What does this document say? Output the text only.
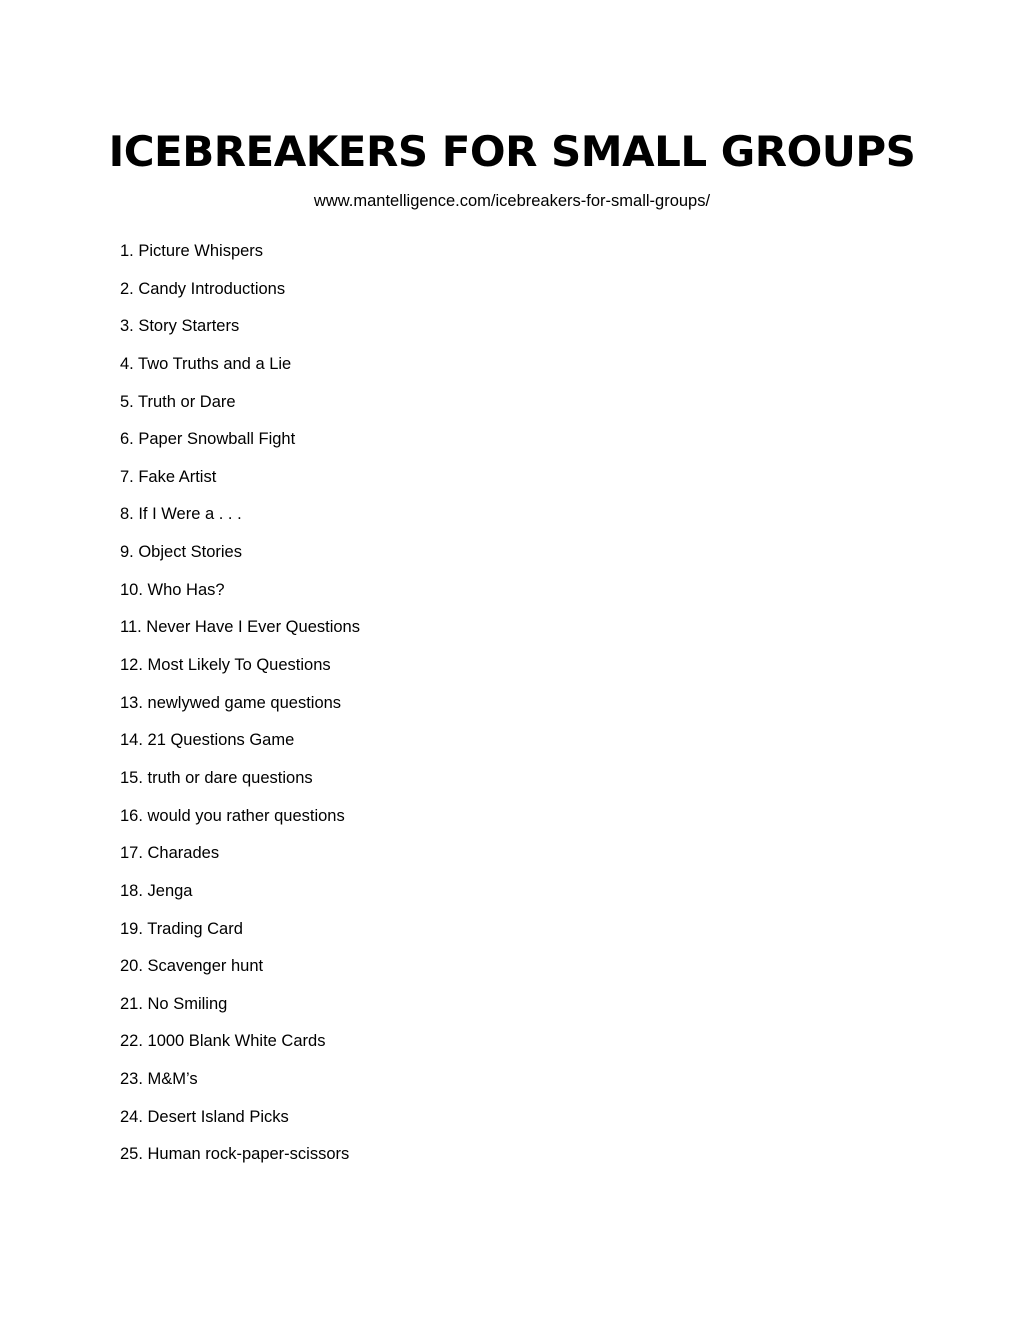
ICEBREAKERS FOR SMALL GROUPS
www.mantelligence.com/icebreakers-for-small-groups/
1. Picture Whispers
2. Candy Introductions
3. Story Starters
4. Two Truths and a Lie
5. Truth or Dare
6. Paper Snowball Fight
7. Fake Artist
8. If I Were a . . .
9. Object Stories
10. Who Has?
11. Never Have I Ever Questions
12. Most Likely To Questions
13. newlywed game questions
14. 21 Questions Game
15. truth or dare questions
16. would you rather questions
17. Charades
18. Jenga
19. Trading Card
20. Scavenger hunt
21. No Smiling
22. 1000 Blank White Cards
23. M&M’s
24. Desert Island Picks
25. Human rock-paper-scissors
